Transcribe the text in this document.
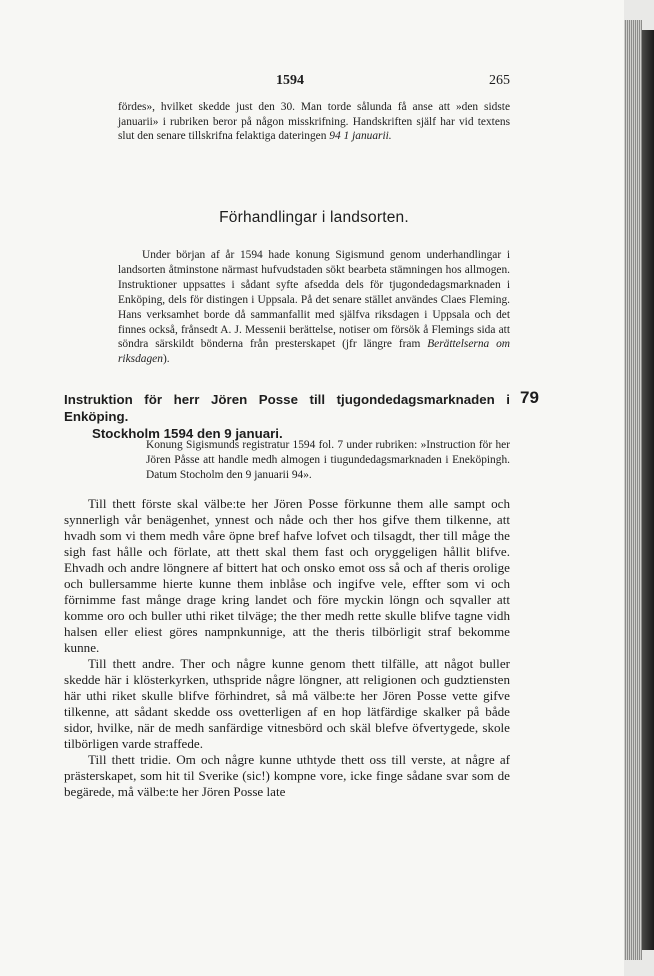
1594	265

fördes», hvilket skedde just den 30. Man torde sålunda få anse att »den sidste januarii» i rubriken beror på någon misskrifning. Handskriften själf har vid textens slut den senare tillskrifna felaktiga dateringen 94 1 januarii.

Förhandlingar i landsorten.

Under början af år 1594 hade konung Sigismund genom underhandlingar i landsorten åtminstone närmast hufvudstaden sökt bearbeta stämningen hos allmogen. Instruktioner uppsattes i sådant syfte afsedda dels för tjugondedagsmarknaden i Enköping, dels för distingen i Uppsala. På det senare stället användes Claes Fleming. Hans verksamhet borde då sammanfallit med själfva riksdagen i Uppsala och det finnes också, frånsedt A. J. Messenii berättelse, notiser om försök å Flemings sida att söndra särskildt bönderna från presterskapet (jfr längre fram Berättelserna om riksdagen).

Instruktion för herr Jören Posse till tjugondedagsmarknaden i Enköping.
Stockholm 1594 den 9 januari.
79

Konung Sigismunds registratur 1594 fol. 7 under rubriken: »Instruction för her Jören Påsse att handle medh almogen i tiugundedagsmarknaden i Eneköpingh. Datum Stocholm den 9 januarii 94».

Till thett förste skal välbe:te her Jören Posse förkunne them alle sampt och synnerligh vår benägenhet, ynnest och nåde och ther hos gifve them tilkenne, att hvadh som vi them medh våre öpne bref hafve lofvet och tilsagdt, ther till måge the sigh fast hålle och förlate, att thett skal them fast och oryggeligen hållit blifve. Ehvadh och andre löngnere af bittert hat och onsko emot oss så och af theris orolige och bullersamme hierte kunne them inblåse och ingifve vele, effter som vi och förnimme fast månge drage kring landet och före myckin löngn och sqvaller att komme oro och buller uthi riket tilväge; the ther medh rette skulle blifve tagne vidh halsen eller eliest göres nampnkunnige, att the theris tilbörligit straf bekomme kunne.

Till thett andre. Ther och någre kunne genom thett tilfälle, att något buller skedde här i klösterkyrken, uthspride någre löngner, att religionen och gudztiensten här uthi riket skulle blifve förhindret, så må välbe:te her Jören Posse vette gifve tilkenne, att sådant skedde oss ovetterligen af en hop lätfärdige skalker på både sidor, hvilke, när de medh sanfärdige vitnesbörd och skäl blefve öfvertygede, skole tilbörligen varde straffede.

Till thett tridie. Om och någre kunne uthtyde thett oss till verste, at någre af prästerskapet, som hit til Sverike (sic!) kompne vore, icke finge sådane svar som de begärede, må välbe:te her Jören Posse late
